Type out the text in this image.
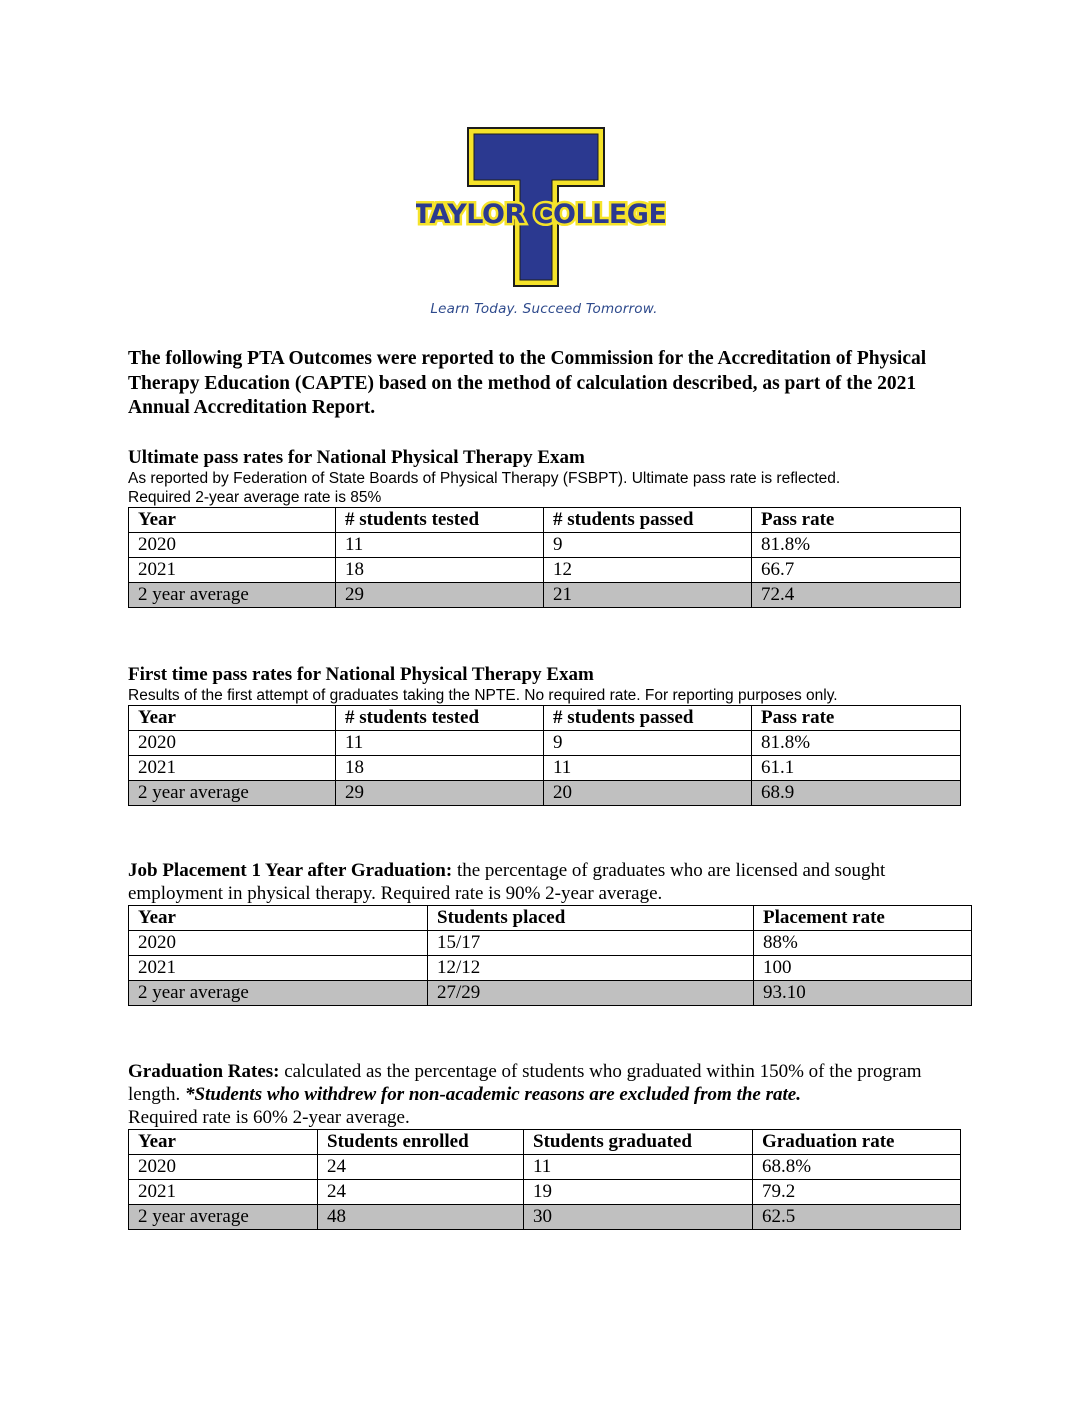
TAYLOR COLLEGE
Learn Today. Succeed Tomorrow.
The following PTA Outcomes were reported to the Commission for the Accreditation of Physical Therapy Education (CAPTE) based on the method of calculation described, as part of the 2021 Annual Accreditation Report.
Ultimate pass rates for National Physical Therapy Exam
As reported by Federation of State Boards of Physical Therapy (FSBPT). Ultimate pass rate is reflected.
Required 2-year average rate is 85%
Year	# students tested	# students passed	Pass rate
2020	11	9	81.8%
2021	18	12	66.7
2 year average	29	21	72.4
First time pass rates for National Physical Therapy Exam
Results of the first attempt of graduates taking the NPTE. No required rate. For reporting purposes only.
Year	# students tested	# students passed	Pass rate
2020	11	9	81.8%
2021	18	11	61.1
2 year average	29	20	68.9
Job Placement 1 Year after Graduation: the percentage of graduates who are licensed and sought employment in physical therapy. Required rate is 90% 2-year average.
Year	Students placed	Placement rate
2020	15/17	88%
2021	12/12	100
2 year average	27/29	93.10
Graduation Rates: calculated as the percentage of students who graduated within 150% of the program length. *Students who withdrew for non-academic reasons are excluded from the rate.
Required rate is 60% 2-year average.
Year	Students enrolled	Students graduated	Graduation rate
2020	24	11	68.8%
2021	24	19	79.2
2 year average	48	30	62.5
